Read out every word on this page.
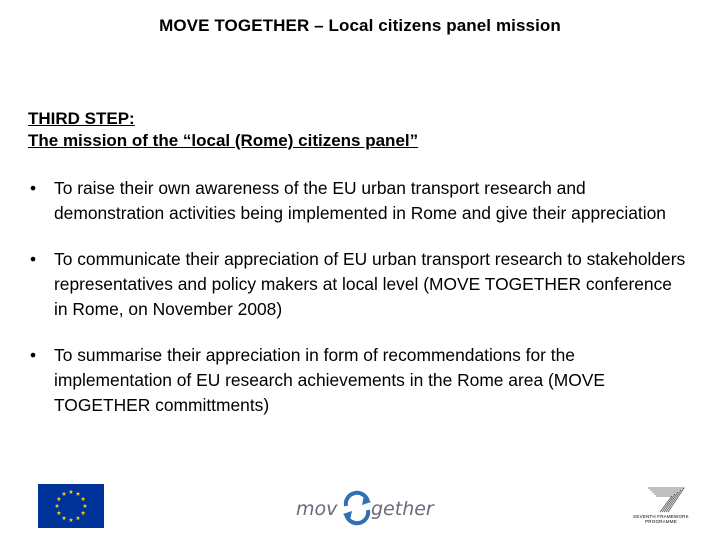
MOVE TOGETHER – Local citizens panel mission
THIRD STEP:
The mission of the “local (Rome) citizens panel”
• To raise their own awareness of the EU urban transport research and demonstration activities being implemented in Rome and give their appreciation
• To communicate their appreciation of EU urban transport research to stakeholders representatives and policy makers at local level (MOVE TOGETHER conference in Rome, on November 2008)
• To summarise their appreciation in form of recommendations for the implementation of EU research achievements in the Rome area (MOVE TOGETHER committments)
mov gether	SEVENTH FRAMEWORK PROGRAMME
